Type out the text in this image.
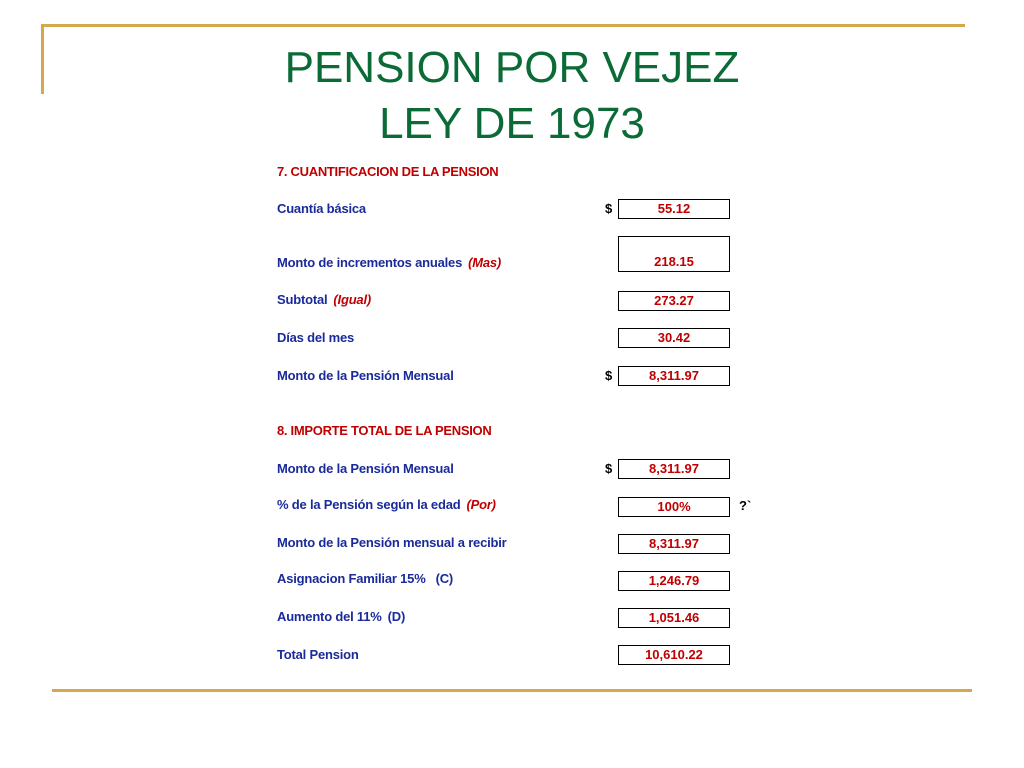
PENSION POR VEJEZ
LEY DE 1973
7. CUANTIFICACION DE LA PENSION
Cuantía básica	$	55.12
Monto de incrementos anuales (Mas)	218.15
Subtotal (Igual)	273.27
Días del mes	30.42
Monto de la Pensión Mensual	$	8,311.97
8. IMPORTE TOTAL DE LA PENSION
Monto de la Pensión Mensual	$	8,311.97
% de la Pensión según la edad (Por)	100%	?`
Monto de la Pensión mensual a recibir	8,311.97
Asignacion Familiar 15% (C)	1,246.79
Aumento del 11% (D)	1,051.46
Total Pension	10,610.22
